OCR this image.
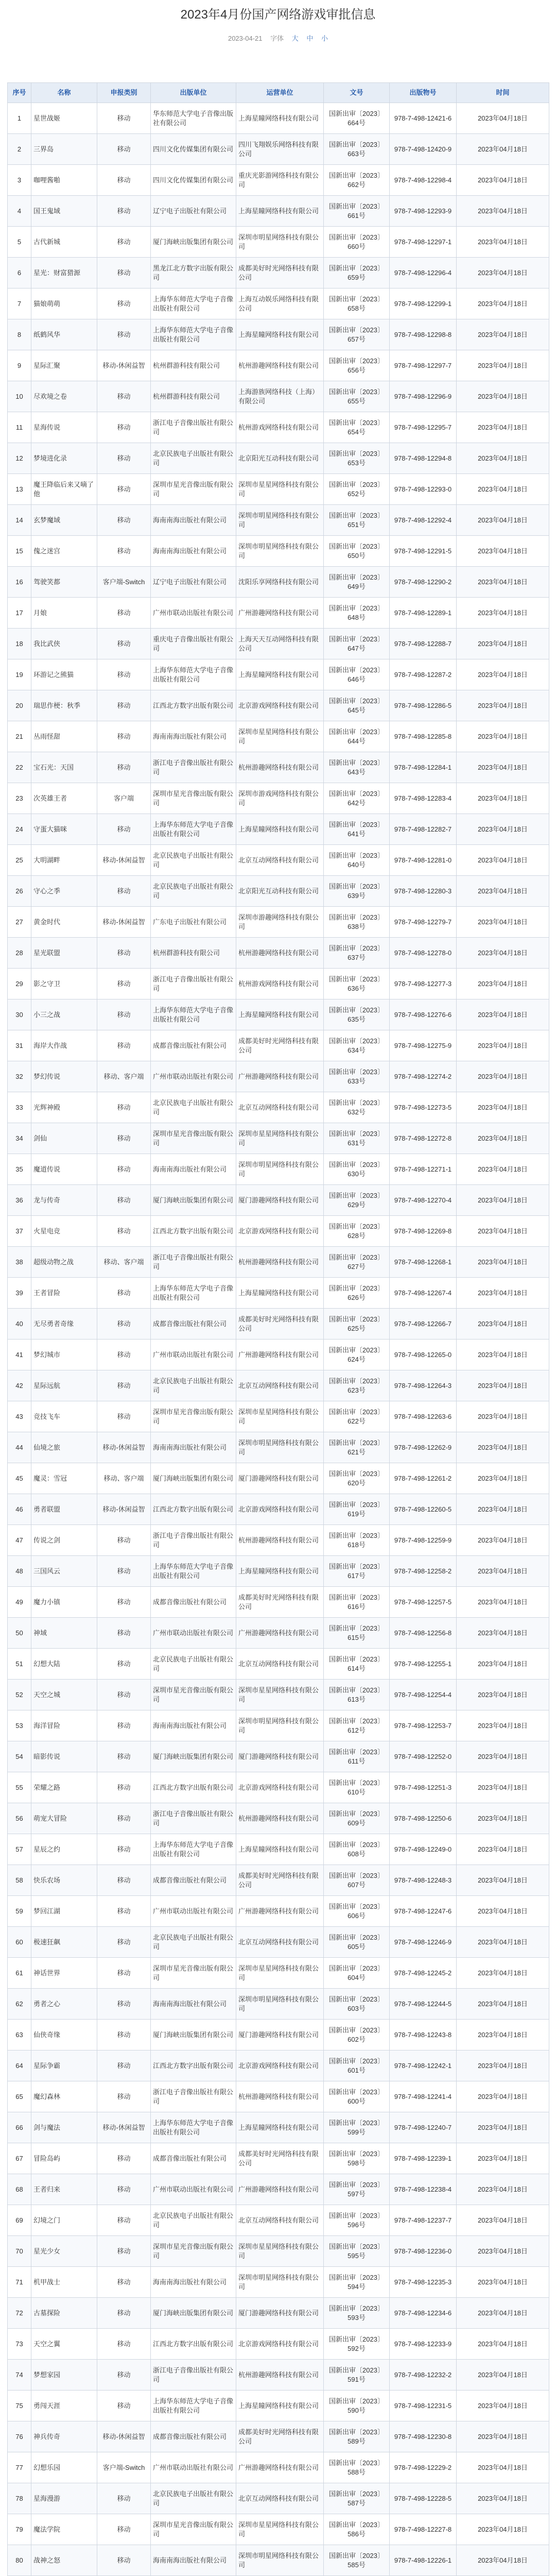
2023年4月份国产网络游戏审批信息
2023-04-21 字体 大 中 小
序号	名称	申报类别	出版单位	运营单位	文号	出版物号	时间
1	星世战姬	移动	华东师范大学电子音像出版社有限公司	上海星瞳网络科技有限公司	国新出审〔2023〕664号	978-7-498-12421-6	2023年04月18日
2	三界岛	移动	四川文化传媒集团有限公司	四川飞翔娱乐网络科技有限公司	国新出审〔2023〕663号	978-7-498-12420-9	2023年04月18日
3	咖哩酱啪	移动	四川文化传媒集团有限公司	重庆光影游网络科技有限公司	国新出审〔2023〕662号	978-7-498-12298-4	2023年04月18日
4	国王鬼域	移动	辽宁电子出版社有限公司	上海星瞳网络科技有限公司	国新出审〔2023〕661号	978-7-498-12293-9	2023年04月18日
5	古代新城	移动	厦门海峡出版集团有限公司	深圳市明星网络科技有限公司	国新出审〔2023〕660号	978-7-498-12297-1	2023年04月18日
6	星光：财富猎源	移动	黑龙江北方数字出版有限公司	成都美好时光网络科技有限公司	国新出审〔2023〕659号	978-7-498-12296-4	2023年04月18日
7	猫娘萌萌	移动	上海华东师范大学电子音像出版社有限公司	上海互动娱乐网络科技有限公司	国新出审〔2023〕658号	978-7-498-12299-1	2023年04月18日
8	纸鹤风华	移动	上海华东师范大学电子音像出版社有限公司	上海星瞳网络科技有限公司	国新出审〔2023〕657号	978-7-498-12298-8	2023年04月18日
9	星际汇聚	移动-休闲益智	杭州群游科技有限公司	杭州游趣网络科技有限公司	国新出审〔2023〕656号	978-7-498-12297-7	2023年04月18日
10	尽欢境之卷	移动	杭州群游科技有限公司	上海游族网络科技（上海）有限公司	国新出审〔2023〕655号	978-7-498-12296-9	2023年04月18日
11	星海传说	移动	浙江电子音像出版社有限公司	杭州游戏网络科技有限公司	国新出审〔2023〕654号	978-7-498-12295-7	2023年04月18日
12	梦境进化录	移动	北京民族电子出版社有限公司	北京阳光互动科技有限公司	国新出审〔2023〕653号	978-7-498-12294-8	2023年04月18日
13	魔王降临后来又嘀了他	移动	深圳市星光音像出版有限公司	深圳市星星网络科技有限公司	国新出审〔2023〕652号	978-7-498-12293-0	2023年04月18日
14	玄梦魔域	移动	海南南海出版社有限公司	深圳市明星网络科技有限公司	国新出审〔2023〕651号	978-7-498-12292-4	2023年04月18日
15	傀之迷宫	移动	海南南海出版社有限公司	深圳市明星网络科技有限公司	国新出审〔2023〕650号	978-7-498-12291-5	2023年04月18日
16	驾驶笑都	客户端-Switch	辽宁电子出版社有限公司	沈阳乐享网络科技有限公司	国新出审〔2023〕649号	978-7-498-12290-2	2023年04月18日
17	月娘	移动	广州市联动出版社有限公司	广州游趣网络科技有限公司	国新出审〔2023〕648号	978-7-498-12289-1	2023年04月18日
18	我比武侠	移动	重庆电子音像出版社有限公司	上海天天互动网络科技有限公司	国新出审〔2023〕647号	978-7-498-12288-7	2023年04月18日
19	环游记之熊猫	移动	上海华东师范大学电子音像出版社有限公司	上海星瞳网络科技有限公司	国新出审〔2023〕646号	978-7-498-12287-2	2023年04月18日
20	瑞思作梗：秋季	移动	江西北方数字出版有限公司	北京游戏网络科技有限公司	国新出审〔2023〕645号	978-7-498-12286-5	2023年04月18日
21	丛雨怪甜	移动	海南南海出版社有限公司	深圳市星星网络科技有限公司	国新出审〔2023〕644号	978-7-498-12285-8	2023年04月18日
22	宝石光：天国	移动	浙江电子音像出版社有限公司	杭州游趣网络科技有限公司	国新出审〔2023〕643号	978-7-498-12284-1	2023年04月18日
23	次英雄王者	客户端	深圳市星光音像出版有限公司	深圳市游戏网络科技有限公司	国新出审〔2023〕642号	978-7-498-12283-4	2023年04月18日
24	守蛋大猫咪	移动	上海华东师范大学电子音像出版社有限公司	上海星瞳网络科技有限公司	国新出审〔2023〕641号	978-7-498-12282-7	2023年04月18日
25	大明湖畔	移动-休闲益智	北京民族电子出版社有限公司	北京互动网络科技有限公司	国新出审〔2023〕640号	978-7-498-12281-0	2023年04月18日
26	守心之季	移动	北京民族电子出版社有限公司	北京阳光互动科技有限公司	国新出审〔2023〕639号	978-7-498-12280-3	2023年04月18日
27	黄金时代	移动-休闲益智	广东电子出版社有限公司	深圳市游趣网络科技有限公司	国新出审〔2023〕638号	978-7-498-12279-7	2023年04月18日
28	星光联盟	移动	杭州群游科技有限公司	杭州游趣网络科技有限公司	国新出审〔2023〕637号	978-7-498-12278-0	2023年04月18日
29	影之守卫	移动	浙江电子音像出版社有限公司	杭州游戏网络科技有限公司	国新出审〔2023〕636号	978-7-498-12277-3	2023年04月18日
30	小三之战	移动	上海华东师范大学电子音像出版社有限公司	上海星瞳网络科技有限公司	国新出审〔2023〕635号	978-7-498-12276-6	2023年04月18日
31	海岸大作战	移动	成都音像出版社有限公司	成都美好时光网络科技有限公司	国新出审〔2023〕634号	978-7-498-12275-9	2023年04月18日
32	梦幻传说	移动、客户端	广州市联动出版社有限公司	广州游趣网络科技有限公司	国新出审〔2023〕633号	978-7-498-12274-2	2023年04月18日
33	光辉神殿	移动	北京民族电子出版社有限公司	北京互动网络科技有限公司	国新出审〔2023〕632号	978-7-498-12273-5	2023年04月18日
34	剑仙	移动	深圳市星光音像出版有限公司	深圳市星星网络科技有限公司	国新出审〔2023〕631号	978-7-498-12272-8	2023年04月18日
35	魔道传说	移动	海南南海出版社有限公司	深圳市明星网络科技有限公司	国新出审〔2023〕630号	978-7-498-12271-1	2023年04月18日
36	龙与传奇	移动	厦门海峡出版集团有限公司	厦门游趣网络科技有限公司	国新出审〔2023〕629号	978-7-498-12270-4	2023年04月18日
37	火星电竞	移动	江西北方数字出版有限公司	北京游戏网络科技有限公司	国新出审〔2023〕628号	978-7-498-12269-8	2023年04月18日
38	超级动物之战	移动、客户端	浙江电子音像出版社有限公司	杭州游趣网络科技有限公司	国新出审〔2023〕627号	978-7-498-12268-1	2023年04月18日
39	王者冒险	移动	上海华东师范大学电子音像出版社有限公司	上海星瞳网络科技有限公司	国新出审〔2023〕626号	978-7-498-12267-4	2023年04月18日
40	无尽勇者奇缘	移动	成都音像出版社有限公司	成都美好时光网络科技有限公司	国新出审〔2023〕625号	978-7-498-12266-7	2023年04月18日
41	梦幻城市	移动	广州市联动出版社有限公司	广州游趣网络科技有限公司	国新出审〔2023〕624号	978-7-498-12265-0	2023年04月18日
42	星际远航	移动	北京民族电子出版社有限公司	北京互动网络科技有限公司	国新出审〔2023〕623号	978-7-498-12264-3	2023年04月18日
43	竞技飞车	移动	深圳市星光音像出版有限公司	深圳市星星网络科技有限公司	国新出审〔2023〕622号	978-7-498-12263-6	2023年04月18日
44	仙境之旅	移动-休闲益智	海南南海出版社有限公司	深圳市明星网络科技有限公司	国新出审〔2023〕621号	978-7-498-12262-9	2023年04月18日
45	魔灵：雪冠	移动、客户端	厦门海峡出版集团有限公司	厦门游趣网络科技有限公司	国新出审〔2023〕620号	978-7-498-12261-2	2023年04月18日
46	勇者联盟	移动-休闲益智	江西北方数字出版有限公司	北京游戏网络科技有限公司	国新出审〔2023〕619号	978-7-498-12260-5	2023年04月18日
47	传说之剑	移动	浙江电子音像出版社有限公司	杭州游趣网络科技有限公司	国新出审〔2023〕618号	978-7-498-12259-9	2023年04月18日
48	三国风云	移动	上海华东师范大学电子音像出版社有限公司	上海星瞳网络科技有限公司	国新出审〔2023〕617号	978-7-498-12258-2	2023年04月18日
49	魔力小镇	移动	成都音像出版社有限公司	成都美好时光网络科技有限公司	国新出审〔2023〕616号	978-7-498-12257-5	2023年04月18日
50	神域	移动	广州市联动出版社有限公司	广州游趣网络科技有限公司	国新出审〔2023〕615号	978-7-498-12256-8	2023年04月18日
51	幻想大陆	移动	北京民族电子出版社有限公司	北京互动网络科技有限公司	国新出审〔2023〕614号	978-7-498-12255-1	2023年04月18日
52	天空之城	移动	深圳市星光音像出版有限公司	深圳市星星网络科技有限公司	国新出审〔2023〕613号	978-7-498-12254-4	2023年04月18日
53	海洋冒险	移动	海南南海出版社有限公司	深圳市明星网络科技有限公司	国新出审〔2023〕612号	978-7-498-12253-7	2023年04月18日
54	暗影传说	移动	厦门海峡出版集团有限公司	厦门游趣网络科技有限公司	国新出审〔2023〕611号	978-7-498-12252-0	2023年04月18日
55	荣耀之路	移动	江西北方数字出版有限公司	北京游戏网络科技有限公司	国新出审〔2023〕610号	978-7-498-12251-3	2023年04月18日
56	萌宠大冒险	移动	浙江电子音像出版社有限公司	杭州游趣网络科技有限公司	国新出审〔2023〕609号	978-7-498-12250-6	2023年04月18日
57	星辰之约	移动	上海华东师范大学电子音像出版社有限公司	上海星瞳网络科技有限公司	国新出审〔2023〕608号	978-7-498-12249-0	2023年04月18日
58	快乐农场	移动	成都音像出版社有限公司	成都美好时光网络科技有限公司	国新出审〔2023〕607号	978-7-498-12248-3	2023年04月18日
59	梦回江湖	移动	广州市联动出版社有限公司	广州游趣网络科技有限公司	国新出审〔2023〕606号	978-7-498-12247-6	2023年04月18日
60	极速狂飙	移动	北京民族电子出版社有限公司	北京互动网络科技有限公司	国新出审〔2023〕605号	978-7-498-12246-9	2023年04月18日
61	神话世界	移动	深圳市星光音像出版有限公司	深圳市星星网络科技有限公司	国新出审〔2023〕604号	978-7-498-12245-2	2023年04月18日
62	勇者之心	移动	海南南海出版社有限公司	深圳市明星网络科技有限公司	国新出审〔2023〕603号	978-7-498-12244-5	2023年04月18日
63	仙侠奇缘	移动	厦门海峡出版集团有限公司	厦门游趣网络科技有限公司	国新出审〔2023〕602号	978-7-498-12243-8	2023年04月18日
64	星际争霸	移动	江西北方数字出版有限公司	北京游戏网络科技有限公司	国新出审〔2023〕601号	978-7-498-12242-1	2023年04月18日
65	魔幻森林	移动	浙江电子音像出版社有限公司	杭州游趣网络科技有限公司	国新出审〔2023〕600号	978-7-498-12241-4	2023年04月18日
66	剑与魔法	移动-休闲益智	上海华东师范大学电子音像出版社有限公司	上海星瞳网络科技有限公司	国新出审〔2023〕599号	978-7-498-12240-7	2023年04月18日
67	冒险岛屿	移动	成都音像出版社有限公司	成都美好时光网络科技有限公司	国新出审〔2023〕598号	978-7-498-12239-1	2023年04月18日
68	王者归来	移动	广州市联动出版社有限公司	广州游趣网络科技有限公司	国新出审〔2023〕597号	978-7-498-12238-4	2023年04月18日
69	幻境之门	移动	北京民族电子出版社有限公司	北京互动网络科技有限公司	国新出审〔2023〕596号	978-7-498-12237-7	2023年04月18日
70	星光少女	移动	深圳市星光音像出版有限公司	深圳市星星网络科技有限公司	国新出审〔2023〕595号	978-7-498-12236-0	2023年04月18日
71	机甲战士	移动	海南南海出版社有限公司	深圳市明星网络科技有限公司	国新出审〔2023〕594号	978-7-498-12235-3	2023年04月18日
72	古墓探险	移动	厦门海峡出版集团有限公司	厦门游趣网络科技有限公司	国新出审〔2023〕593号	978-7-498-12234-6	2023年04月18日
73	天空之翼	移动	江西北方数字出版有限公司	北京游戏网络科技有限公司	国新出审〔2023〕592号	978-7-498-12233-9	2023年04月18日
74	梦想家园	移动	浙江电子音像出版社有限公司	杭州游趣网络科技有限公司	国新出审〔2023〕591号	978-7-498-12232-2	2023年04月18日
75	勇闯天涯	移动	上海华东师范大学电子音像出版社有限公司	上海星瞳网络科技有限公司	国新出审〔2023〕590号	978-7-498-12231-5	2023年04月18日
76	神兵传奇	移动-休闲益智	成都音像出版社有限公司	成都美好时光网络科技有限公司	国新出审〔2023〕589号	978-7-498-12230-8	2023年04月18日
77	幻想乐园	客户端-Switch	广州市联动出版社有限公司	广州游趣网络科技有限公司	国新出审〔2023〕588号	978-7-498-12229-2	2023年04月18日
78	星海漫游	移动	北京民族电子出版社有限公司	北京互动网络科技有限公司	国新出审〔2023〕587号	978-7-498-12228-5	2023年04月18日
79	魔法学院	移动	深圳市星光音像出版有限公司	深圳市星星网络科技有限公司	国新出审〔2023〕586号	978-7-498-12227-8	2023年04月18日
80	战神之怒	移动	海南南海出版社有限公司	深圳市明星网络科技有限公司	国新出审〔2023〕585号	978-7-498-12226-1	2023年04月18日
